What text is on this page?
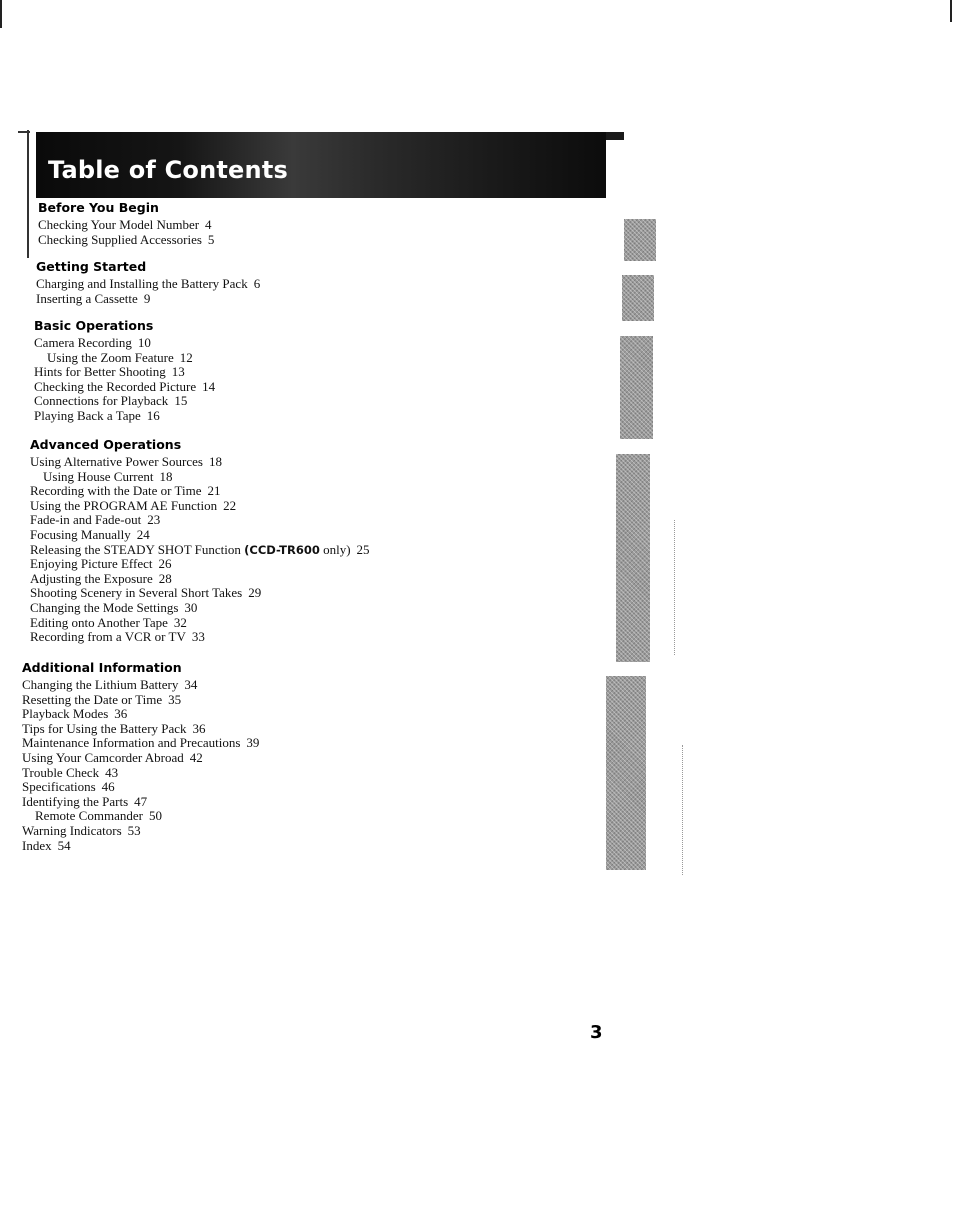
Table of Contents
Before You Begin
Checking Your Model Number 4
Checking Supplied Accessories 5
Getting Started
Charging and Installing the Battery Pack 6
Inserting a Cassette 9
Basic Operations
Camera Recording 10
Using the Zoom Feature 12
Hints for Better Shooting 13
Checking the Recorded Picture 14
Connections for Playback 15
Playing Back a Tape 16
Advanced Operations
Using Alternative Power Sources 18
Using House Current 18
Recording with the Date or Time 21
Using the PROGRAM AE Function 22
Fade-in and Fade-out 23
Focusing Manually 24
Releasing the STEADY SHOT Function (CCD-TR600 only) 25
Enjoying Picture Effect 26
Adjusting the Exposure 28
Shooting Scenery in Several Short Takes 29
Changing the Mode Settings 30
Editing onto Another Tape 32
Recording from a VCR or TV 33
Additional Information
Changing the Lithium Battery 34
Resetting the Date or Time 35
Playback Modes 36
Tips for Using the Battery Pack 36
Maintenance Information and Precautions 39
Using Your Camcorder Abroad 42
Trouble Check 43
Specifications 46
Identifying the Parts 47
Remote Commander 50
Warning Indicators 53
Index 54
3
